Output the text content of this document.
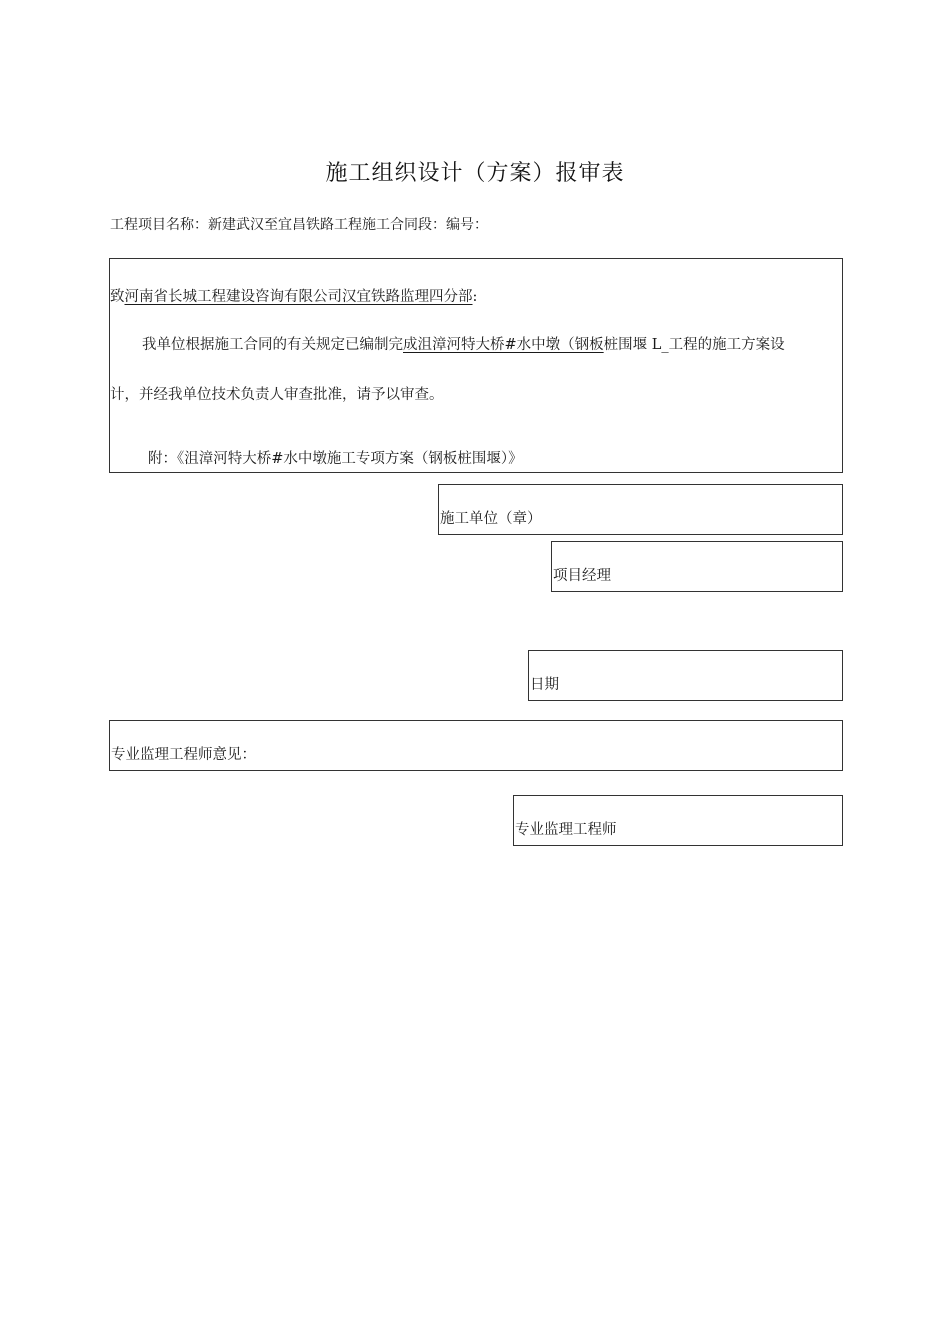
施工组织设计（方案）报审表
工程项目名称：新建武汉至宜昌铁路工程施工合同段：编号：
致河南省长城工程建设咨询有限公司汉宜铁路监理四分部:
我单位根据施工合同的有关规定已编制完成沮漳河特大桥#水中墩（钢板桩围堰 L_工程的施工方案设
计，并经我单位技术负责人审查批准，请予以审查。
附：《沮漳河特大桥#水中墩施工专项方案（钢板桩围堰）》
施工单位（章）
项目经理
日期
专业监理工程师意见：
专业监理工程师
